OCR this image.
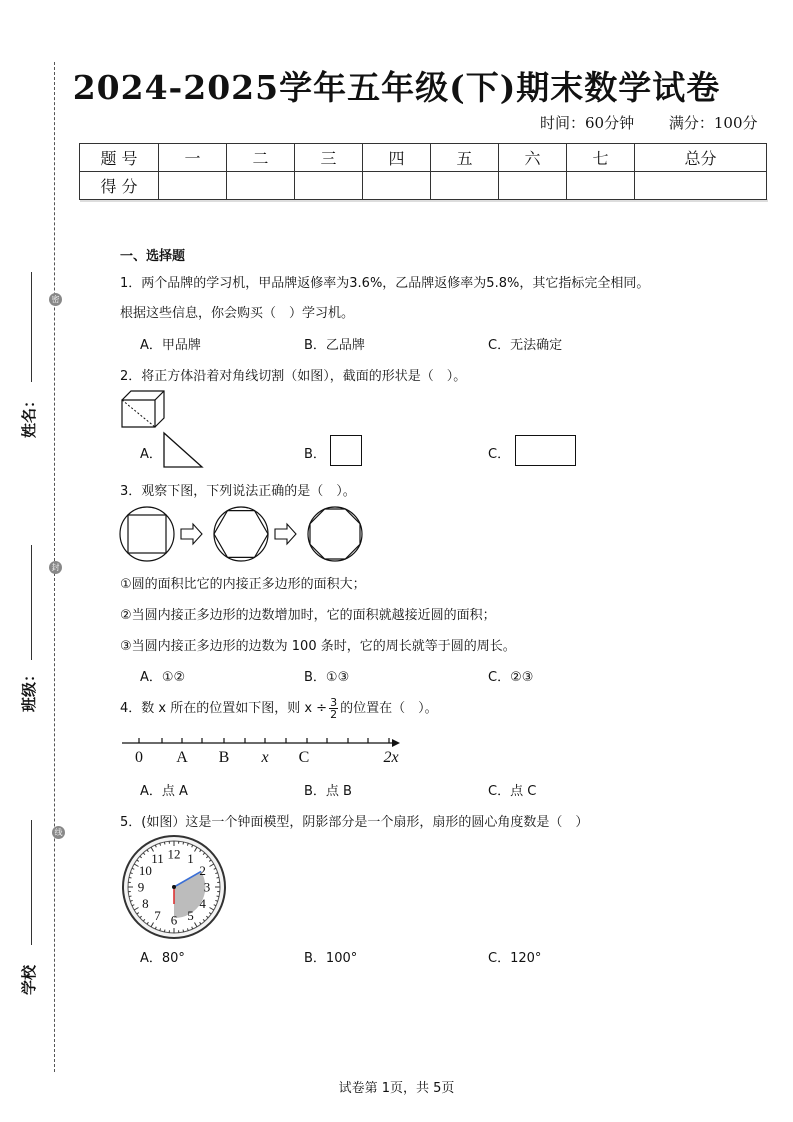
姓名：
班级：
学校
密
封
线
2024-2025学年五年级(下)期末数学试卷
时间：60分钟 满分：100分
题 号	一	二	三	四	五	六	七	总分
得 分								
一、选择题
1．两个品牌的学习机，甲品牌返修率为3.6%，乙品牌返修率为5.8%，其它指标完全相同。
根据这些信息，你会购买（　）学习机。
A．甲品牌	B．乙品牌	C．无法确定
2．将正方体沿着对角线切割（如图），截面的形状是（　）。
A．	B．	C．
3．观察下图，下列说法正确的是（　）。
①圆的面积比它的内接正多边形的面积大；
②当圆内接正多边形的边数增加时，它的面积就越接近圆的面积；
③当圆内接正多边形的边数为 100 条时，它的周长就等于圆的周长。
A．①②	B．①③	C．②③
4．数 x 所在的位置如下图，则 $x \div \frac{3}{2}$ 的位置在（　）。
0 A B x C	2x
A．点 A	B．点 B	C．点 C
5．(如图）这是一个钟面模型，阴影部分是一个扇形，扇形的圆心角度数是（　）
12 1
2
3
4
5
6
7
8
9
10
11
A．80°	B．100°	C．120°
试卷第 1页，共 5页
